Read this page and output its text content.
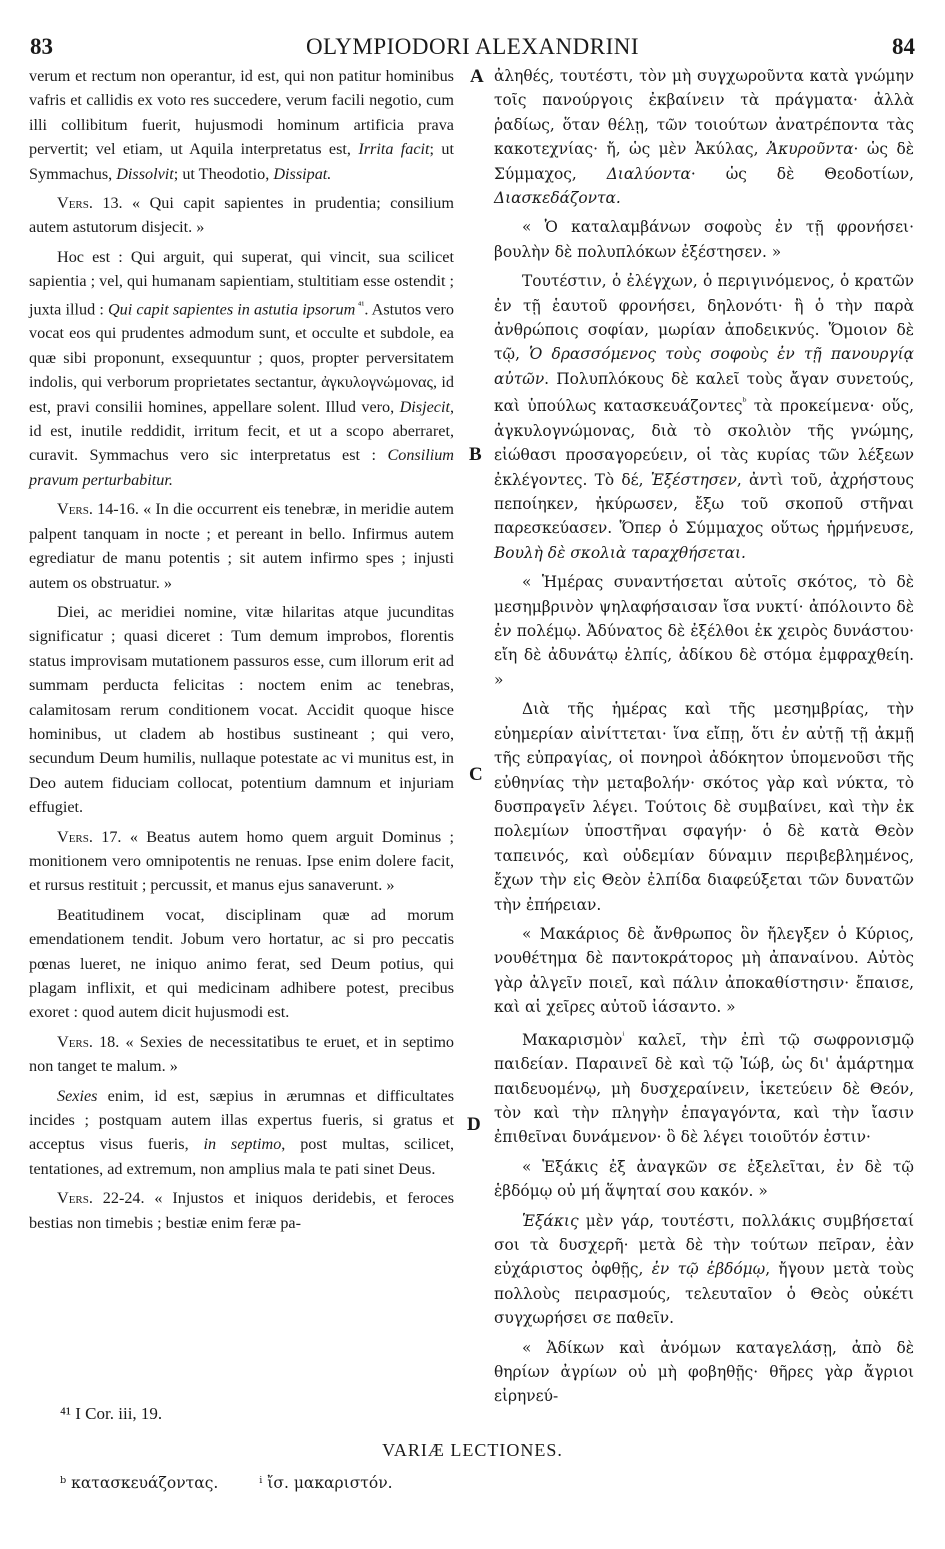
83	OLYMPIODORI ALEXANDRINI	84

verum et rectum non operantur, id est, qui non patitur hominibus vafris et callidis ex voto res succedere, verum facili negotio, cum illi collibitum fuerit, hujusmodi hominum artificia prava pervertit; vel etiam, ut Aquila interpretatus est, Irrita facit; ut Symmachus, Dissolvit; ut Theodotio, Dissipat.

Vers. 13. « Qui capit sapientes in prudentia; consilium autem astutorum disjecit. »

Hoc est : Qui arguit, qui superat, qui vincit, sua scilicet sapientia ; vel, qui humanam sapientiam, stultitiam esse ostendit ; juxta illud : Qui capit sapientes in astutia ipsorum $^{^{41}}$. Astutos vero vocat eos qui prudentes admodum sunt, et occulte et subdole, ea quæ sibi proponunt, exsequuntur ; quos, propter perversitatem indolis, qui verborum proprietates sectantur, ἀγκυλογνώμονας, id est, pravi consilii homines, appellare solent. Illud vero, Disjecit, id est, inutile reddidit, irritum fecit, et ut a scopo aberraret, curavit. Symmachus vero sic interpretatus est : Consilium pravum perturbabitur.

Vers. 14-16. « In die occurrent eis tenebræ, in meridie autem palpent tanquam in nocte ; et pereant in bello. Infirmus autem egrediatur de manu potentis ; sit autem infirmo spes ; injusti autem os obstruatur. »

Diei, ac meridiei nomine, vitæ hilaritas atque jucunditas significatur ; quasi diceret : Tum demum improbos, florentis status improvisam mutationem passuros esse, cum illorum erit ad summam perducta felicitas : noctem enim ac tenebras, calamitosam rerum conditionem vocat. Accidit quoque hisce hominibus, ut cladem ab hostibus sustineant ; qui vero, secundum Deum humilis, nullaque potestate ac vi munitus est, in Deo autem fiduciam collocat, potentium damnum et injuriam effugiet.

Vers. 17. « Beatus autem homo quem arguit Dominus ; monitionem vero omnipotentis ne renuas. Ipse enim dolere facit, et rursus restituit ; percussit, et manus ejus sanaverunt. »

Beatitudinem vocat, disciplinam quæ ad morum emendationem tendit. Jobum vero hortatur, ac si pro peccatis pœnas lueret, ne iniquo animo ferat, sed Deum potius, qui plagam inflixit, et qui medicinam adhibere potest, precibus exoret : quod autem dicit hujusmodi est.

Vers. 18. « Sexies de necessitatibus te eruet, et in septimo non tanget te malum. »

Sexies enim, id est, sæpius in ærumnas et difficultates incides ; postquam autem illas expertus fueris, si gratus et acceptus visus fueris, in septimo, post multas, scilicet, tentationes, ad extremum, non amplius mala te pati sinet Deus.

Vers. 22-24. « Injustos et iniquos deridebis, et feroces bestias non timebis ; bestiæ enim feræ pa-

ἀληθές, τουτέστι, τὸν μὴ συγχωροῦντα κατὰ γνώμην τοῖς πανούργοις ἐκβαίνειν τὰ πράγματα· ἀλλὰ ῥαδίως, ὅταν θέλῃ, τῶν τοιούτων ἀνατρέποντα τὰς κακοτεχνίας· ἤ, ὡς μὲν Ἀκύλας, Ἀκυροῦντα· ὡς δὲ Σύμμαχος, Διαλύοντα· ὡς δὲ Θεοδοτίων, Διασκεδάζοντα.

« Ὁ καταλαμβάνων σοφοὺς ἐν τῇ φρονήσει· βουλὴν δὲ πολυπλόκων ἐξέστησεν. »

Τουτέστιν, ὁ ἐλέγχων, ὁ περιγινόμενος, ὁ κρατῶν ἐν τῇ ἑαυτοῦ φρονήσει, δηλονότι· ἢ ὁ τὴν παρὰ ἀνθρώποις σοφίαν, μωρίαν ἀποδεικνύς. Ὅμοιον δὲ τῷ, Ὁ δρασσόμενος τοὺς σοφοὺς ἐν τῇ πανουργίᾳ αὐτῶν. Πολυπλόκους δὲ καλεῖ τοὺς ἄγαν συνετούς, καὶ ὑπούλως κατασκευάζοντες$^ᵇ$ τὰ προκείμενα· οὕς, ἀγκυλογνώμονας, διὰ τὸ σκολιὸν τῆς γνώμης, εἰώθασι προσαγορεύειν, οἱ τὰς κυρίας τῶν λέξεων ἐκλέγοντες. Τὸ δέ, Ἐξέστησεν, ἀντὶ τοῦ, ἀχρήστους πεποίηκεν, ἠκύρωσεν, ἔξω τοῦ σκοποῦ στῆναι παρεσκεύασεν. Ὅπερ ὁ Σύμμαχος οὕτως ἡρμήνευσε, Βουλὴ δὲ σκολιὰ ταραχθήσεται.

« Ἡμέρας συναντήσεται αὐτοῖς σκότος, τὸ δὲ μεσημβρινὸν ψηλαφήσαισαν ἴσα νυκτί· ἀπόλοιντο δὲ ἐν πολέμῳ. Ἀδύνατος δὲ ἐξέλθοι ἐκ χειρὸς δυνάστου· εἴη δὲ ἀδυνάτῳ ἐλπίς, ἀδίκου δὲ στόμα ἐμφραχθείη. »

Διὰ τῆς ἡμέρας καὶ τῆς μεσημβρίας, τὴν εὐημερίαν αἰνίττεται· ἵνα εἴπῃ, ὅτι ἐν αὐτῇ τῇ ἀκμῇ τῆς εὐπραγίας, οἱ πονηροὶ ἀδόκητον ὑπομενοῦσι τῆς εὐθηνίας τὴν μεταβολήν· σκότος γὰρ καὶ νύκτα, τὸ δυσπραγεῖν λέγει. Τούτοις δὲ συμβαίνει, καὶ τὴν ἐκ πολεμίων ὑποστῆναι σφαγήν· ὁ δὲ κατὰ Θεὸν ταπεινός, καὶ οὐδεμίαν δύναμιν περιβεβλημένος, ἔχων τὴν εἰς Θεὸν ἐλπίδα διαφεύξεται τῶν δυνατῶν τὴν ἐπήρειαν.

« Μακάριος δὲ ἄνθρωπος ὃν ἤλεγξεν ὁ Κύριος, νουθέτημα δὲ παντοκράτορος μὴ ἀπαναίνου. Αὐτὸς γὰρ ἀλγεῖν ποιεῖ, καὶ πάλιν ἀποκαθίστησιν· ἔπαισε, καὶ αἱ χεῖρες αὐτοῦ ἰάσαντο. »

Μακαρισμὸν$^{^i}$ καλεῖ, τὴν ἐπὶ τῷ σωφρονισμῷ παιδείαν. Παραινεῖ δὲ καὶ τῷ Ἰώβ, ὡς δι' ἁμάρτημα παιδευομένῳ, μὴ δυσχεραίνειν, ἱκετεύειν δὲ Θεόν, τὸν καὶ τὴν πληγὴν ἐπαγαγόντα, καὶ τὴν ἴασιν ἐπιθεῖναι δυνάμενον· ὃ δὲ λέγει τοιοῦτόν ἐστιν·

« Ἑξάκις ἐξ ἀναγκῶν σε ἐξελεῖται, ἐν δὲ τῷ ἑβδόμῳ οὐ μή ἅψηταί σου κακόν. »

Ἑξάκις μὲν γάρ, τουτέστι, πολλάκις συμβήσεταί σοι τὰ δυσχερῆ· μετὰ δὲ τὴν τούτων πεῖραν, ἐὰν εὐχάριστος ὀφθῇς, ἐν τῷ ἑβδόμῳ, ἤγουν μετὰ τοὺς πολλοὺς πειρασμούς, τελευταῖον ὁ Θεὸς οὐκέτι συγχωρήσει σε παθεῖν.

« Ἀδίκων καὶ ἀνόμων καταγελάσῃ, ἀπὸ δὲ θηρίων ἀγρίων οὐ μὴ φοβηθῇς· θῆρες γὰρ ἄγριοι εἰρηνεύ-

A
B
C
D
⁴¹ I Cor. iii, 19.
VARIÆ LECTIONES.
ᵇ κατασκευάζοντας.	ⁱ ἴσ. μακαριστόν.
